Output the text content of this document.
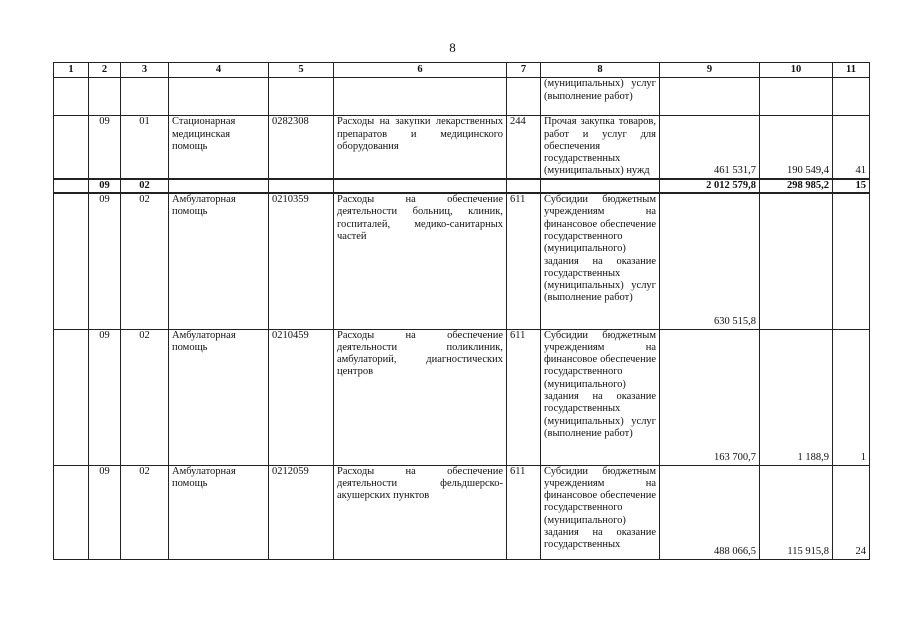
8
1	2	3	4	5	6	7	8	9	10	11
							(муниципальных) услуг (выполнение работ)			
	09	01	Стационарная медицинская помощь	0282308	Расходы на закупки лекарственных препаратов и медицинского оборудования	244	Прочая закупка товаров, работ и услуг для обеспечения государственных (муниципальных) нужд	461 531,7	190 549,4	41
	09	02						2 012 579,8	298 985,2	15
	09	02	Амбулаторная помощь	0210359	Расходы на обеспечение деятельности больниц, клиник, госпиталей, медико-санитарных частей	611	Субсидии бюджетным учреждениям на финансовое обеспечение государственного (муниципального) задания на оказание государственных (муниципальных) услуг (выполнение работ)	630 515,8		
	09	02	Амбулаторная помощь	0210459	Расходы на обеспечение деятельности поликлиник, амбулаторий, диагностических центров	611	Субсидии бюджетным учреждениям на финансовое обеспечение государственного (муниципального) задания на оказание государственных (муниципальных) услуг (выполнение работ)	163 700,7	1 188,9	1
	09	02	Амбулаторная помощь	0212059	Расходы на обеспечение деятельности фельдшерско-акушерских пунктов	611	Субсидии бюджетным учреждениям на финансовое обеспечение государственного (муниципального) задания на оказание государственных	488 066,5	115 915,8	24
